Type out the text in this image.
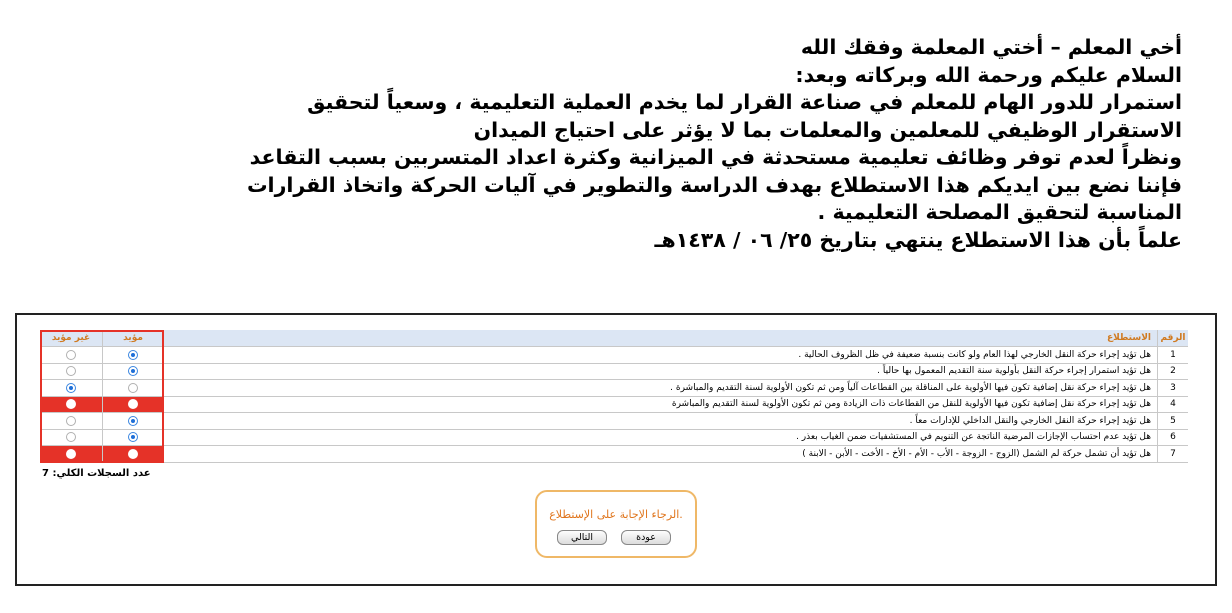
أخي المعلم – أختي المعلمة وفقك الله
السلام عليكم ورحمة الله وبركاته وبعد:
استمرار للدور الهام للمعلم في صناعة القرار لما يخدم العملية التعليمية ، وسعياً لتحقيق
الاستقرار الوظيفي للمعلمين والمعلمات بما لا يؤثر على احتياج الميدان
ونظراً لعدم توفر وظائف تعليمية مستحدثة في الميزانية وكثرة اعداد المتسربين بسبب التقاعد
فإننا نضع بين ايديكم هذا الاستطلاع بهدف الدراسة والتطوير في آليات الحركة واتخاذ القرارات
المناسبة لتحقيق المصلحة التعليمية .
علماً بأن هذا الاستطلاع ينتهي بتاريخ ٢٥/ ٠٦ / ١٤٣٨هـ
الرقم
الاستطلاع
مؤيد
غير مؤيد
1
هل تؤيد إجراء حركة النقل الخارجي لهذا العام ولو كانت بنسبة ضعيفة في ظل الظروف الحالية .
2
هل تؤيد استمرار إجراء حركة النقل بأولوية سنة التقديم المعمول بها حالياً .
3
هل تؤيد إجراء حركة نقل إضافية تكون فيها الأولوية على المناقلة بين القطاعات آلياً ومن ثم تكون الأولوية لسنة التقديم والمباشرة .
4
هل تؤيد إجراء حركة نقل إضافية تكون فيها الأولوية للنقل من القطاعات ذات الزيادة ومن ثم تكون الأولوية لسنة التقديم والمباشرة
5
هل تؤيد إجراء حركة النقل الخارجي والنقل الداخلي للإدارات معاً .
6
هل تؤيد عدم احتساب الإجازات المرضية الناتجة عن التنويم في المستشفيات ضمن الغياب بعذر .
7
هل تؤيد أن تشمل حركة لم الشمل (الزوج - الزوجة - الأب - الأم - الأخ - الأخت - الأبن - الابنة )
عدد السجلات الكلي: 7
.الرجاء الإجابة على الإستطلاع
عودة
التالي
